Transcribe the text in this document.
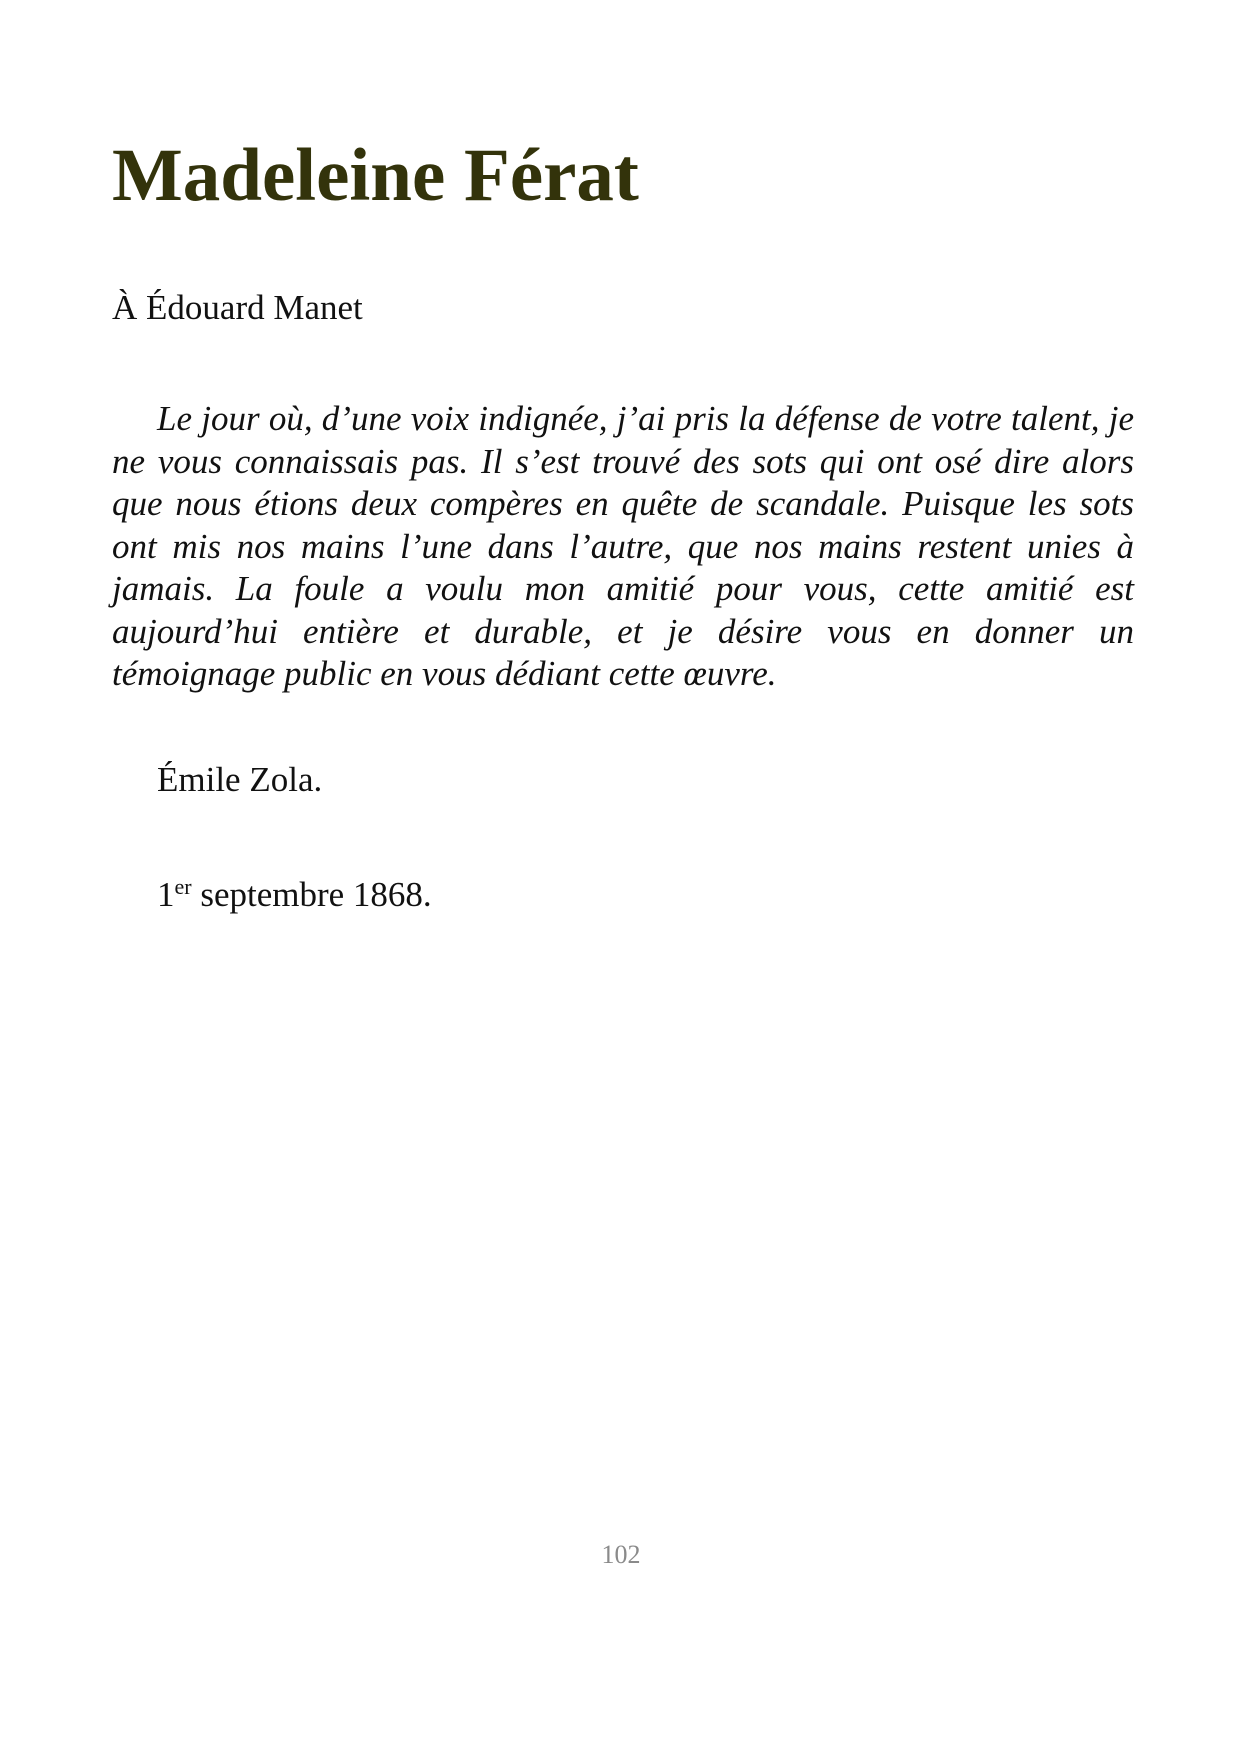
Madeleine Férat

À Édouard Manet

Le jour où, d’une voix indignée, j’ai pris la défense de votre talent, je ne vous connaissais pas. Il s’est trouvé des sots qui ont osé dire alors que nous étions deux compères en quête de scandale. Puisque les sots ont mis nos mains l’une dans l’autre, que nos mains restent unies à jamais. La foule a voulu mon amitié pour vous, cette amitié est aujourd’hui entière et durable, et je désire vous en donner un témoignage public en vous dédiant cette œuvre.

Émile Zola.

1er septembre 1868.

102
